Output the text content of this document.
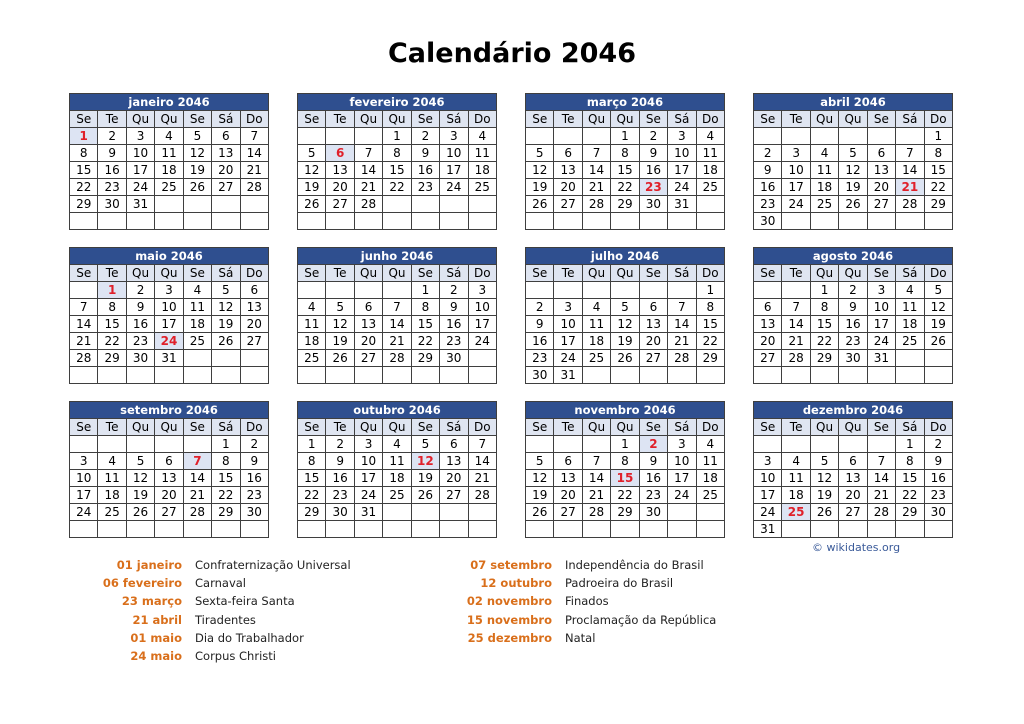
Calendário 2046
janeiro 2046						
Se	Te	Qu	Qu	Se	Sá	Do
1	2	3	4	5	6	7
8	9	10	11	12	13	14
15	16	17	18	19	20	21
22	23	24	25	26	27	28
29	30	31				

fevereiro 2046						
Se	Te	Qu	Qu	Se	Sá	Do
			1	2	3	4
5	6	7	8	9	10	11
12	13	14	15	16	17	18
19	20	21	22	23	24	25
26	27	28				

março 2046						
Se	Te	Qu	Qu	Se	Sá	Do
			1	2	3	4
5	6	7	8	9	10	11
12	13	14	15	16	17	18
19	20	21	22	23	24	25
26	27	28	29	30	31	

abril 2046						
Se	Te	Qu	Qu	Se	Sá	Do
						1
2	3	4	5	6	7	8
9	10	11	12	13	14	15
16	17	18	19	20	21	22
23	24	25	26	27	28	29
30						
maio 2046						
Se	Te	Qu	Qu	Se	Sá	Do
	1	2	3	4	5	6
7	8	9	10	11	12	13
14	15	16	17	18	19	20
21	22	23	24	25	26	27
28	29	30	31			

junho 2046						
Se	Te	Qu	Qu	Se	Sá	Do
				1	2	3
4	5	6	7	8	9	10
11	12	13	14	15	16	17
18	19	20	21	22	23	24
25	26	27	28	29	30	

julho 2046						
Se	Te	Qu	Qu	Se	Sá	Do
						1
2	3	4	5	6	7	8
9	10	11	12	13	14	15
16	17	18	19	20	21	22
23	24	25	26	27	28	29
30	31					
agosto 2046						
Se	Te	Qu	Qu	Se	Sá	Do
		1	2	3	4	5
6	7	8	9	10	11	12
13	14	15	16	17	18	19
20	21	22	23	24	25	26
27	28	29	30	31		

setembro 2046						
Se	Te	Qu	Qu	Se	Sá	Do
					1	2
3	4	5	6	7	8	9
10	11	12	13	14	15	16
17	18	19	20	21	22	23
24	25	26	27	28	29	30

outubro 2046						
Se	Te	Qu	Qu	Se	Sá	Do
1	2	3	4	5	6	7
8	9	10	11	12	13	14
15	16	17	18	19	20	21
22	23	24	25	26	27	28
29	30	31				

novembro 2046						
Se	Te	Qu	Qu	Se	Sá	Do
			1	2	3	4
5	6	7	8	9	10	11
12	13	14	15	16	17	18
19	20	21	22	23	24	25
26	27	28	29	30		

dezembro 2046						
Se	Te	Qu	Qu	Se	Sá	Do
					1	2
3	4	5	6	7	8	9
10	11	12	13	14	15	16
17	18	19	20	21	22	23
24	25	26	27	28	29	30
31						
01 janeiro Confraternização Universal
06 fevereiro Carnaval
23 março Sexta-feira Santa
21 abril Tiradentes
01 maio Dia do Trabalhador
24 maio Corpus Christi
07 setembro Independência do Brasil
12 outubro Padroeira do Brasil
02 novembro Finados
15 novembro Proclamação da República
25 dezembro Natal
© wikidates.org
